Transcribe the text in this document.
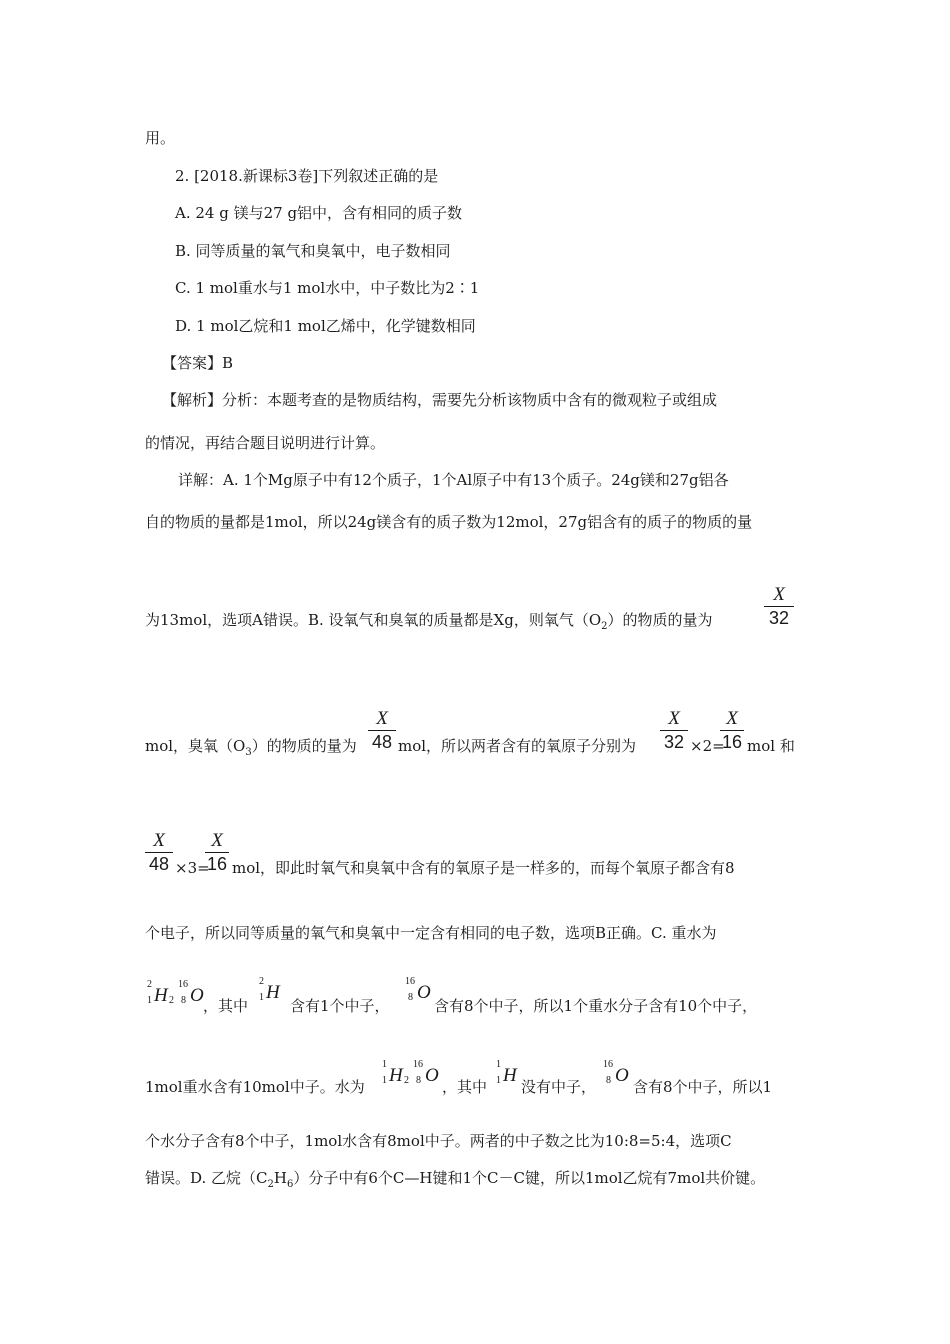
用。
2. [2018.新课标3卷]下列叙述正确的是
A. 24 g 镁与27 g铝中，含有相同的质子数
B. 同等质量的氧气和臭氧中，电子数相同
C. 1 mol重水与1 mol水中，中子数比为2∶1
D. 1 mol乙烷和1 mol乙烯中，化学键数相同
【答案】B
【解析】分析：本题考查的是物质结构，需要先分析该物质中含有的微观粒子或组成
的情况，再结合题目说明进行计算。
详解：A. 1个Mg原子中有12个质子，1个Al原子中有13个质子。24g镁和27g铝各
自的物质的量都是1mol，所以24g镁含有的质子数为12mol，27g铝含有的质子的物质的量
为13mol，选项A错误。B. 设氧气和臭氧的质量都是Xg，则氧气$(O_2)$的物质的量为
X
32
mol，臭氧$(O_3)$的物质的量为
X
48 mol，所以两者含有的氧原子分别为
X
32 ×2=
X
16 mol 和
X
48 ×3=
X
16 mol，即此时氧气和臭氧中含有的氧原子是一样多的，而每个氧原子都含有8
个电子，所以同等质量的氧气和臭氧中一定含有相同的电子数，选项B正确。C. 重水为
2
1 H 2
16
8 O ，其中
2
1 H
含有1个中子，
16
8 O
含有8个中子，所以1个重水分子含有10个中子，
1mol重水含有10mol中子。水为
1
1 H 2
16
8 O
，其中
1
1 H
没有中子，
16
8 O
含有8个中子，所以1
个水分子含有8个中子，1mol水含有8mol中子。两者的中子数之比为10:8=5:4，选项C
错误。D. 乙烷$(C_2H_6)$分子中有6个C—H键和1个C－C键，所以1mol乙烷有7mol共价键。
